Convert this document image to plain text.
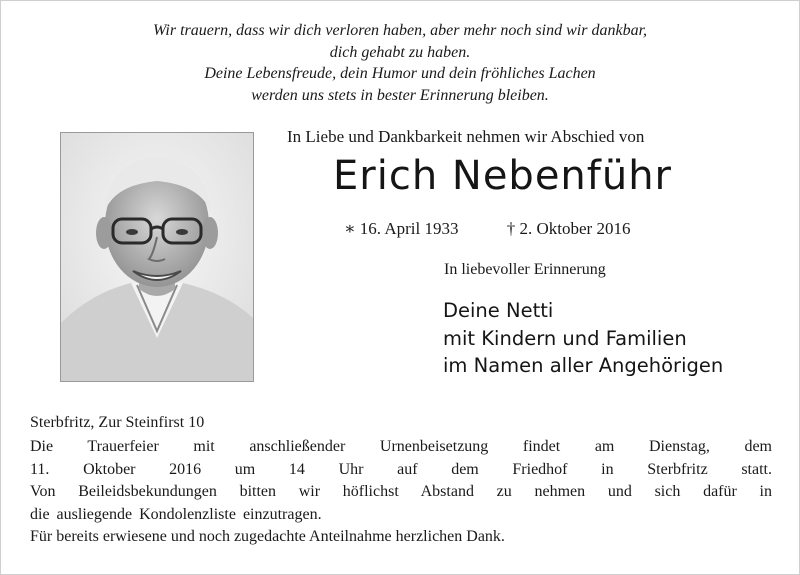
Wir trauern, dass wir dich verloren haben, aber mehr noch sind wir dankbar,
dich gehabt zu haben.
Deine Lebensfreude, dein Humor und dein fröhliches Lachen
werden uns stets in bester Erinnerung bleiben.
In Liebe und Dankbarkeit nehmen wir Abschied von
Erich Nebenführ
∗ 16. April 1933	† 2. Oktober 2016
In liebevoller Erinnerung
Deine Netti
mit Kindern und Familien
im Namen aller Angehörigen
Sterbfritz, Zur Steinfirst 10
Die Trauerfeier mit anschließender Urnenbeisetzung findet am Dienstag, dem
11. Oktober 2016 um 14 Uhr auf dem Friedhof in Sterbfritz statt.
Von Beileidsbekundungen bitten wir höflichst Abstand zu nehmen und sich dafür in
die ausliegende Kondolenzliste einzutragen.
Für bereits erwiesene und noch zugedachte Anteilnahme herzlichen Dank.
